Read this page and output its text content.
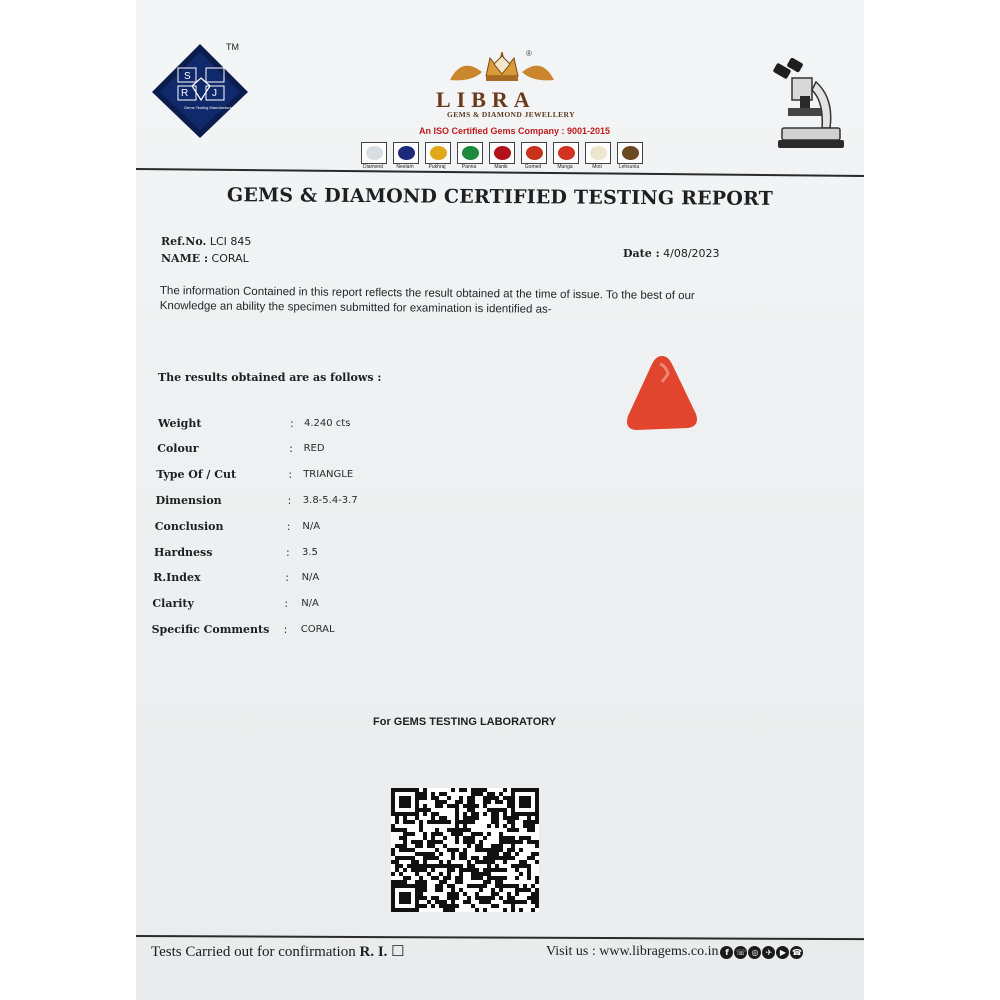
S
R J
Gems Testing Manufacturer
TM
®
LIBRA
GEMS & DIAMOND JEWELLERY
An ISO Certified Gems Company : 9001-2015
Diamond	Neelam	Pukhraj	Panna	Manik	Gomed	Munga	Moti	Lehsunia
GEMS & DIAMOND CERTIFIED TESTING REPORT
Ref.No. LCI 845
NAME : CORAL	Date : 4/08/2023
The information Contained in this report reflects the result obtained at the time of issue. To the best of our
Knowledge an ability the specimen submitted for examination is identified as-
The results obtained are as follows :
Weight	:	4.240 cts
Colour	:	RED
Type Of / Cut	:	TRIANGLE
Dimension	:	3.8-5.4-3.7
Conclusion	:	N/A
Hardness	:	3.5
R.Index	:	N/A
Clarity	:	N/A
Specific Comments	:	CORAL
For GEMS TESTING LABORATORY
Tests Carried out for confirmation R. I. ☐	Visit us : www.libragems.co.in f ☏ ◎ ✈ ▶ ☎
